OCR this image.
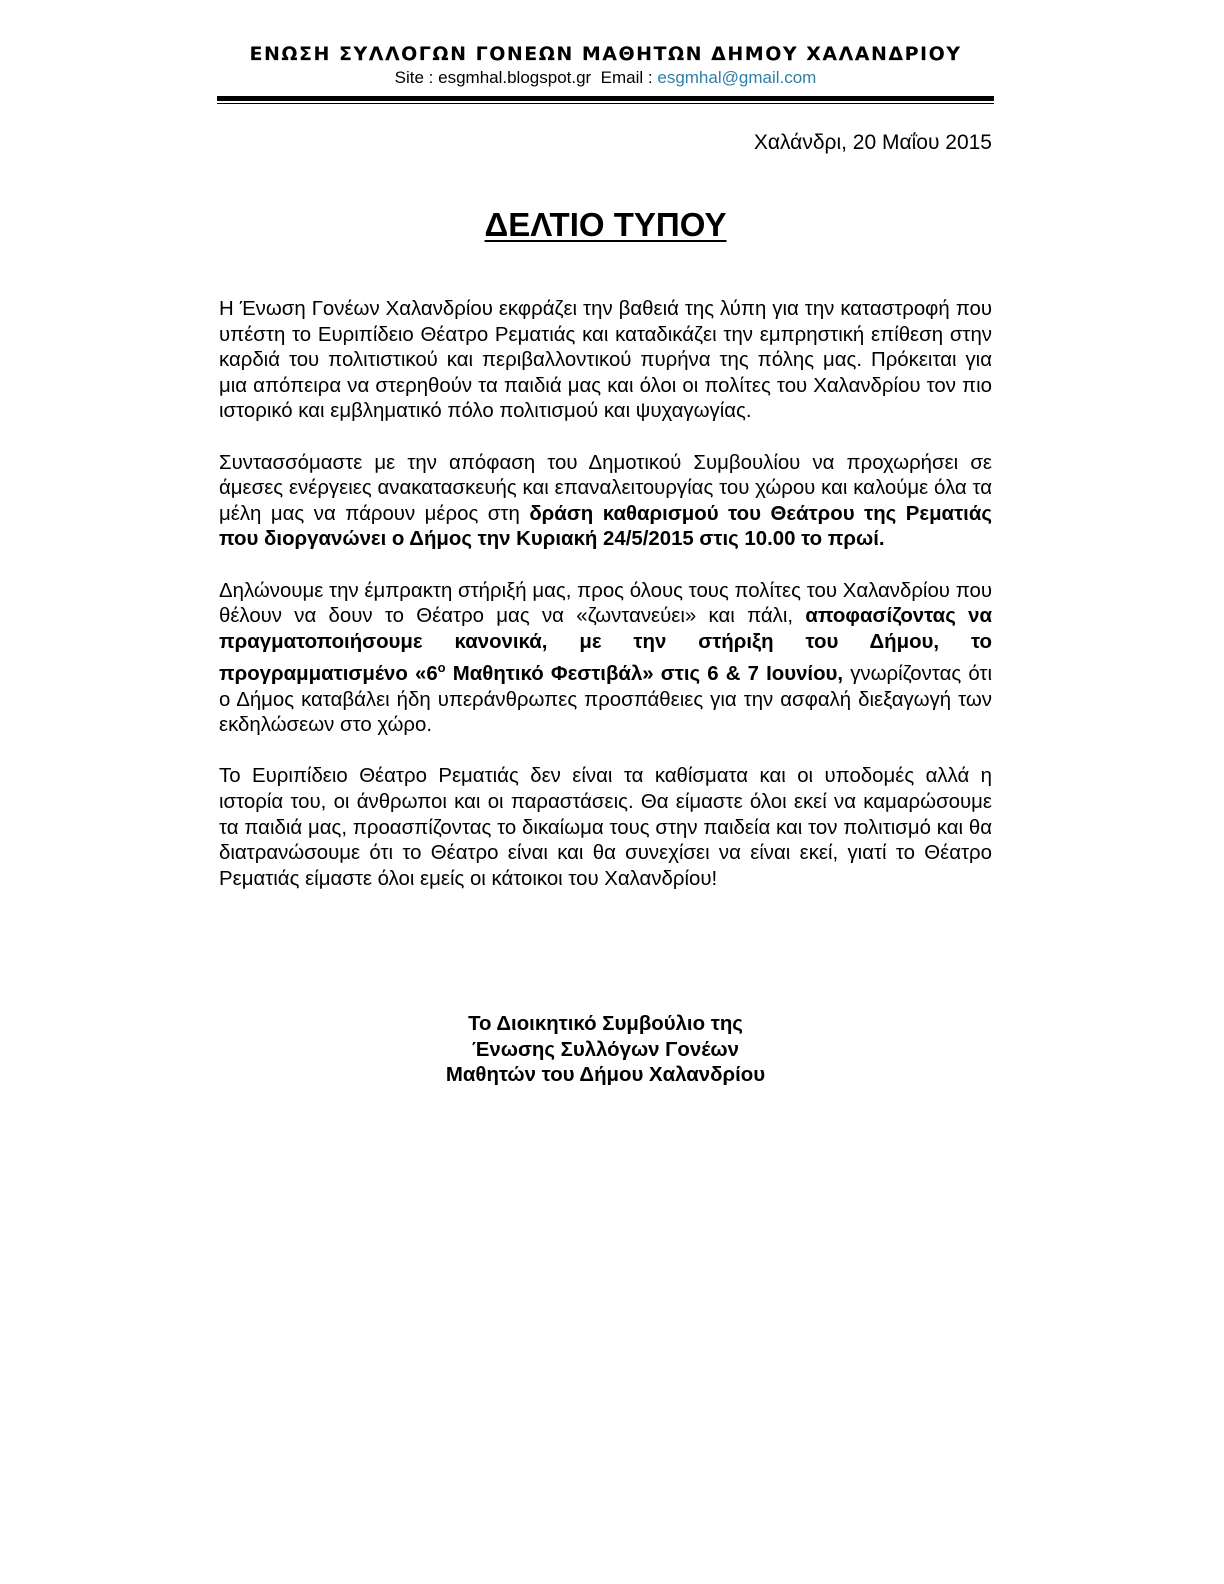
ΕΝΩΣΗ ΣΥΛΛΟΓΩΝ ΓΟΝΕΩΝ ΜΑΘΗΤΩΝ ΔΗΜΟΥ ΧΑΛΑΝΔΡΙΟΥ
Site : esgmhal.blogspot.gr Email : esgmhal@gmail.com
Χαλάνδρι, 20 Μαΐου 2015
ΔΕΛΤΙΟ ΤΥΠΟΥ

Η Ένωση Γονέων Χαλανδρίου εκφράζει την βαθειά της λύπη για την καταστροφή που υπέστη το Ευριπίδειο Θέατρο Ρεματιάς και καταδικάζει την εμπρηστική επίθεση στην καρδιά του πολιτιστικού και περιβαλλοντικού πυρήνα της πόλης μας. Πρόκειται για μια απόπειρα να στερηθούν τα παιδιά μας και όλοι οι πολίτες του Χαλανδρίου τον πιο ιστορικό και εμβληματικό πόλο πολιτισμού και ψυχαγωγίας.

Συντασσόμαστε με την απόφαση του Δημοτικού Συμβουλίου να προχωρήσει σε άμεσες ενέργειες ανακατασκευής και επαναλειτουργίας του χώρου και καλούμε όλα τα μέλη μας να πάρουν μέρος στη δράση καθαρισμού του Θεάτρου της Ρεματιάς που διοργανώνει ο Δήμος την Κυριακή 24/5/2015 στις 10.00 το πρωί.

Δηλώνουμε την έμπρακτη στήριξή μας, προς όλους τους πολίτες του Χαλανδρίου που θέλουν να δουν το Θέατρο μας να «ζωντανεύει» και πάλι, αποφασίζοντας να πραγματοποιήσουμε κανονικά, με την στήριξη του Δήμου, το προγραμματισμένο «$6^o$ Μαθητικό Φεστιβάλ» στις 6 & 7 Ιουνίου, γνωρίζοντας ότι ο Δήμος καταβάλει ήδη υπεράνθρωπες προσπάθειες για την ασφαλή διεξαγωγή των εκδηλώσεων στο χώρο.

Το Ευριπίδειο Θέατρο Ρεματιάς δεν είναι τα καθίσματα και οι υποδομές αλλά η ιστορία του, οι άνθρωποι και οι παραστάσεις. Θα είμαστε όλοι εκεί να καμαρώσουμε τα παιδιά μας, προασπίζοντας το δικαίωμα τους στην παιδεία και τον πολιτισμό και θα διατρανώσουμε ότι το Θέατρο είναι και θα συνεχίσει να είναι εκεί, γιατί το Θέατρο Ρεματιάς είμαστε όλοι εμείς οι κάτοικοι του Χαλανδρίου!

Το Διοικητικό Συμβούλιο της
Ένωσης Συλλόγων Γονέων
Μαθητών του Δήμου Χαλανδρίου
